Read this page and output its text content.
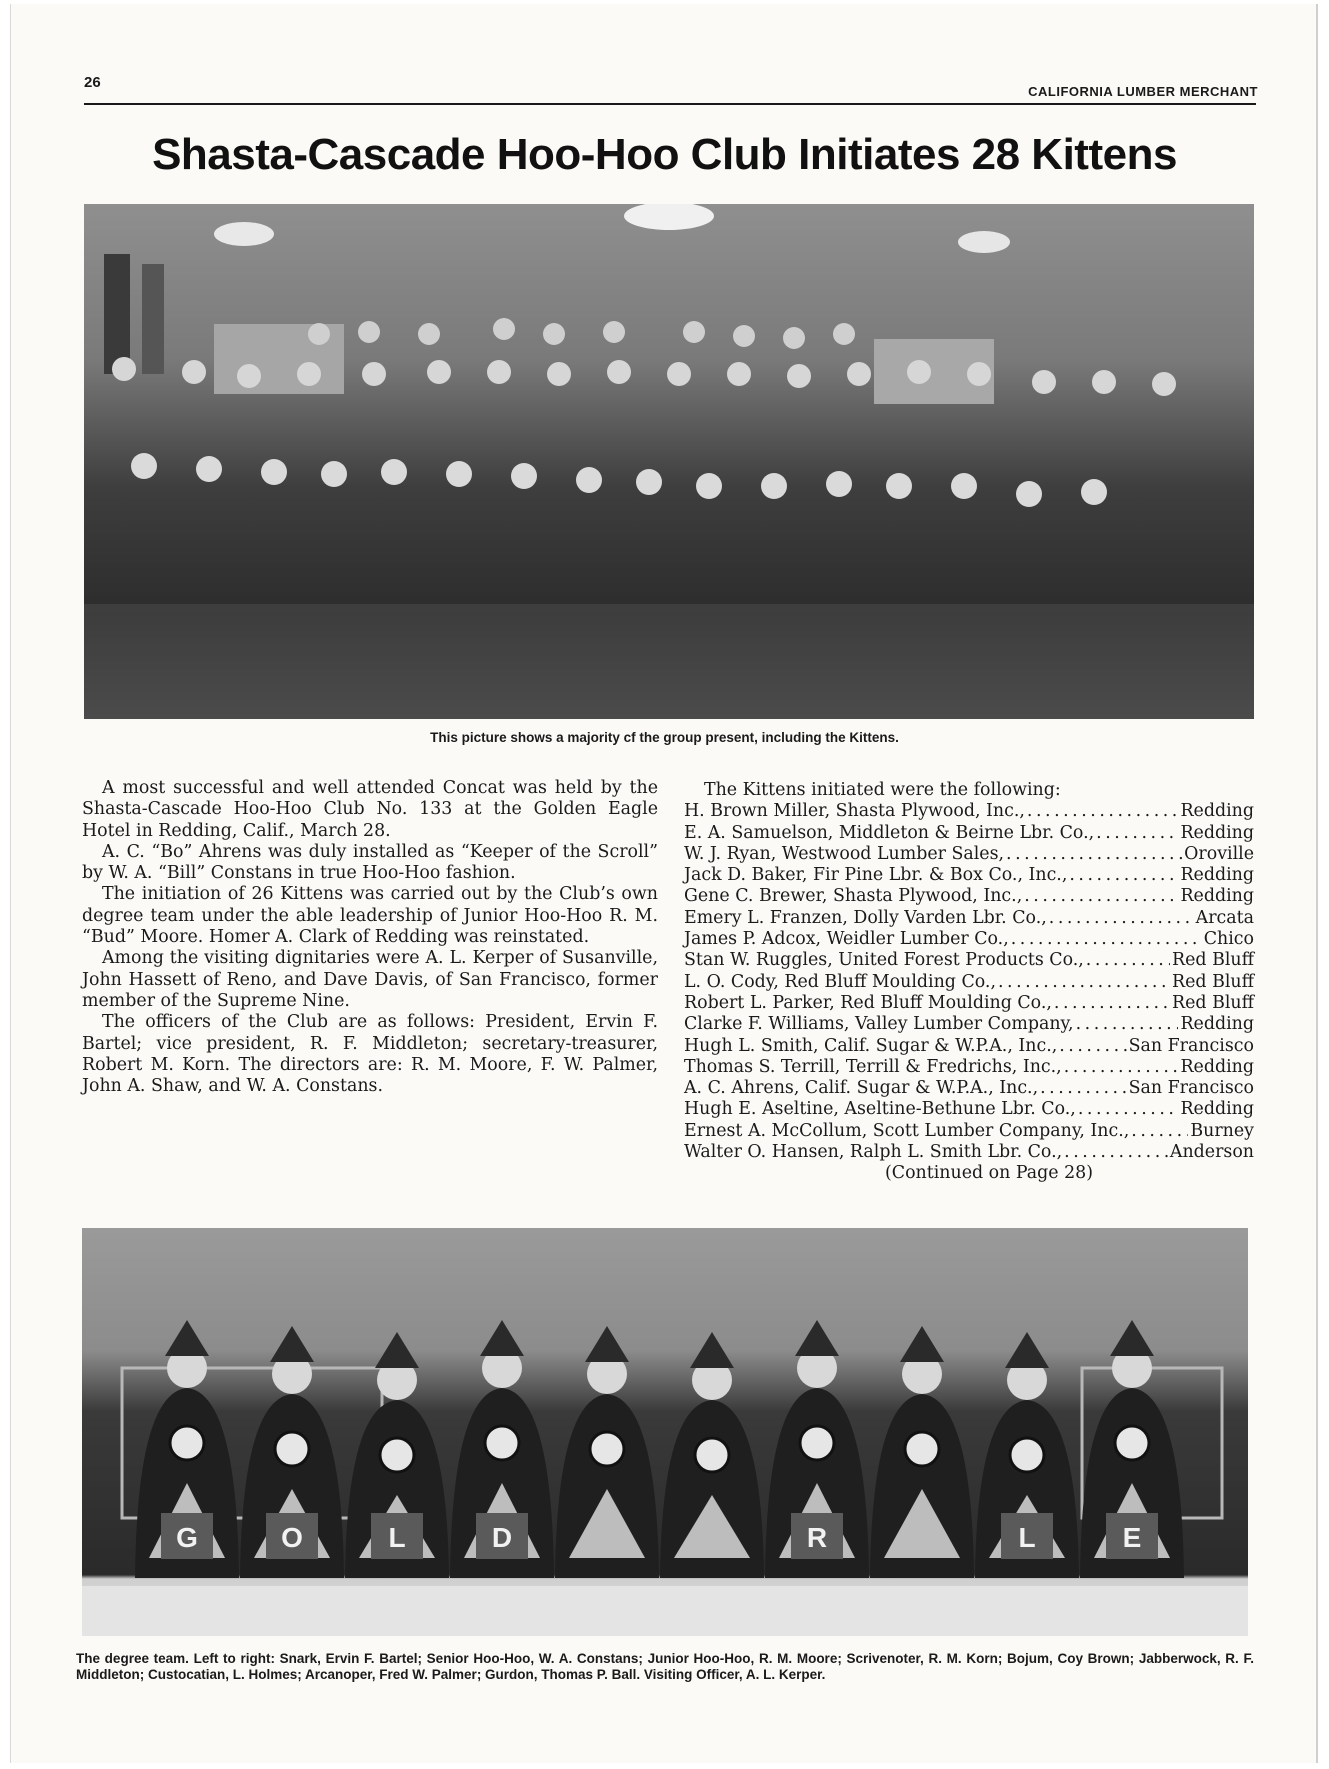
26
CALIFORNIA LUMBER MERCHANT
Shasta-Cascade Hoo-Hoo Club Initiates 28 Kittens
This picture shows a majority cf the group present, including the Kittens.

A most successful and well attended Concat was held by the Shasta-Cascade Hoo-Hoo Club No. 133 at the Golden Eagle Hotel in Redding, Calif., March 28.

A. C. “Bo” Ahrens was duly installed as “Keeper of the Scroll” by W. A. “Bill” Constans in true Hoo-Hoo fashion.

The initiation of 26 Kittens was carried out by the Club’s own degree team under the able leadership of Junior Hoo-Hoo R. M. “Bud” Moore. Homer A. Clark of Redding was reinstated.

Among the visiting dignitaries were A. L. Kerper of Susanville, John Hassett of Reno, and Dave Davis, of San Francisco, former member of the Supreme Nine.

The officers of the Club are as follows: President, Ervin F. Bartel; vice president, R. F. Middleton; secretary-treasurer, Robert M. Korn. The directors are: R. M. Moore, F. W. Palmer, John A. Shaw, and W. A. Constans.

The Kittens initiated were the following:

H. Brown Miller, Shasta Plywood, Inc., . . .	Redding
E. A. Samuelson, Middleton & Beirne Lbr. Co., . . .	Redding
W. J. Ryan, Westwood Lumber Sales, . . .	Oroville
Jack D. Baker, Fir Pine Lbr. & Box Co., Inc., . . .	Redding
Gene C. Brewer, Shasta Plywood, Inc., . . .	Redding
Emery L. Franzen, Dolly Varden Lbr. Co., . . .	Arcata
James P. Adcox, Weidler Lumber Co., . . .	Chico
Stan W. Ruggles, United Forest Products Co., . . .	Red Bluff
L. O. Cody, Red Bluff Moulding Co., . . .	Red Bluff
Robert L. Parker, Red Bluff Moulding Co., . . .	Red Bluff
Clarke F. Williams, Valley Lumber Company, . . .	Redding
Hugh L. Smith, Calif. Sugar & W.P.A., Inc., . . .	San Francisco
Thomas S. Terrill, Terrill & Fredrichs, Inc., . . .	Redding
A. C. Ahrens, Calif. Sugar & W.P.A., Inc., . . .	San Francisco
Hugh E. Aseltine, Aseltine-Bethune Lbr. Co., . . .	Redding
Ernest A. McCollum, Scott Lumber Company, Inc., . . .	Burney
Walter O. Hansen, Ralph L. Smith Lbr. Co., . . .	Anderson
(Continued on Page 28)
G	O	L	D	R	L	E
The degree team. Left to right: Snark, Ervin F. Bartel; Senior Hoo-Hoo, W. A. Constans; Junior Hoo-Hoo, R. M. Moore; Scrivenoter, R. M. Korn; Bojum, Coy Brown; Jabberwock, R. F. Middleton; Custocatian, L. Holmes; Arcanoper, Fred W. Palmer; Gurdon, Thomas P. Ball. Visiting Officer, A. L. Kerper.
